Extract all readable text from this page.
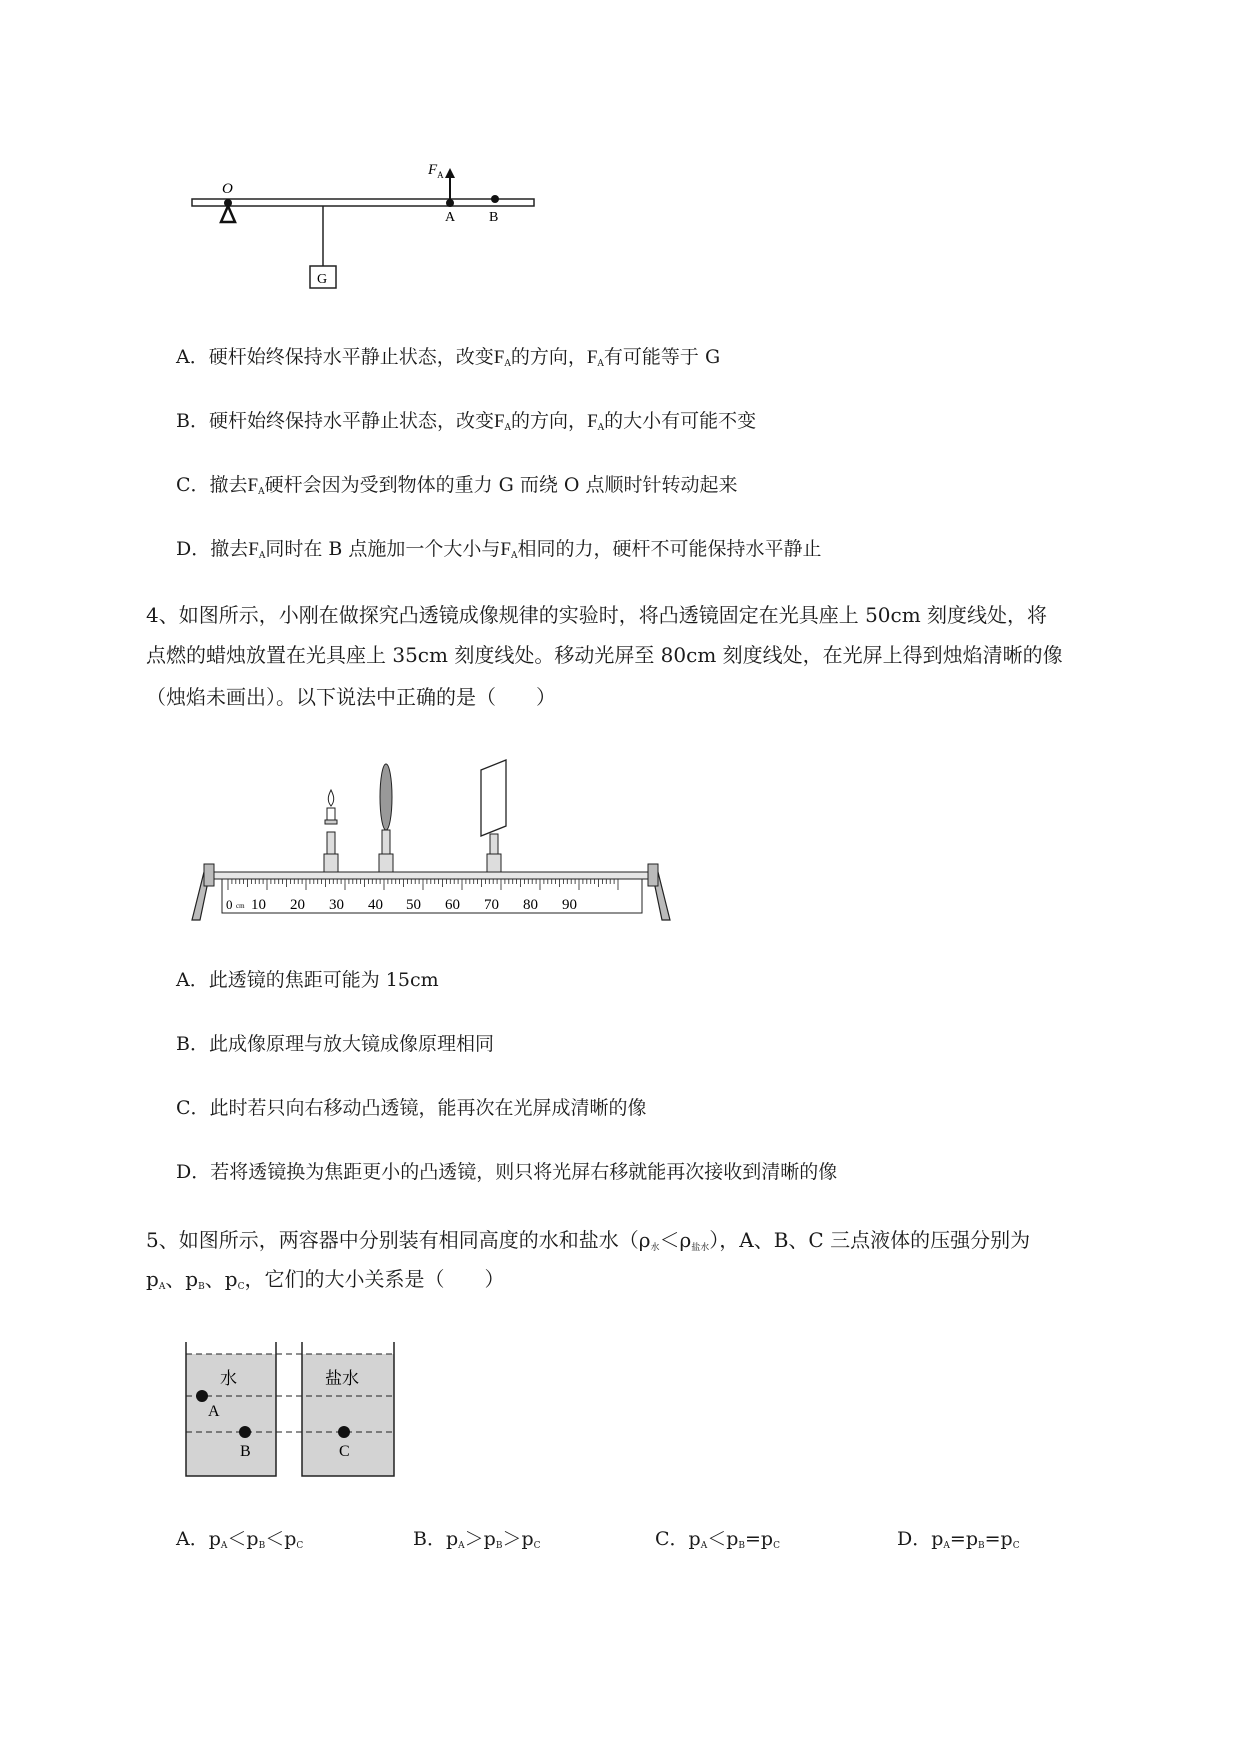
O
G
A B
$F_A$
A．硬杆始终保持水平静止状态，改变$F_A$的方向，$F_A$有可能等于 G
B．硬杆始终保持水平静止状态，改变$F_A$的方向，$F_A$的大小有可能不变
C．撤去$F_A$硬杆会因为受到物体的重力 G 而绕 O 点顺时针转动起来
D．撤去$F_A$同时在 B 点施加一个大小与$F_A$相同的力，硬杆不可能保持水平静止
4、如图所示，小刚在做探究凸透镜成像规律的实验时，将凸透镜固定在光具座上 50cm 刻度线处，将
点燃的蜡烛放置在光具座上 35cm 刻度线处。移动光屏至 80cm 刻度线处，在光屏上得到烛焰清晰的像
（烛焰未画出）。以下说法中正确的是（　　）
0 cm 10 20 30 40 50 60 70 80 90
A．此透镜的焦距可能为 15cm
B．此成像原理与放大镜成像原理相同
C．此时若只向右移动凸透镜，能再次在光屏成清晰的像
D．若将透镜换为焦距更小的凸透镜，则只将光屏右移就能再次接收到清晰的像
5、如图所示，两容器中分别装有相同高度的水和盐水$(\rho_水<\rho_{盐水})$，A、B、C 三点液体的压强分别为
$p_A$、$p_B$、$p_C$，它们的大小关系是（　　）
水	盐水
A
B	C
A．$p_A<p_B<p_C$	B．$p_A>p_B>p_C$	C．$p_A<p_B=p_C$	D．$p_A=p_B=p_C$
